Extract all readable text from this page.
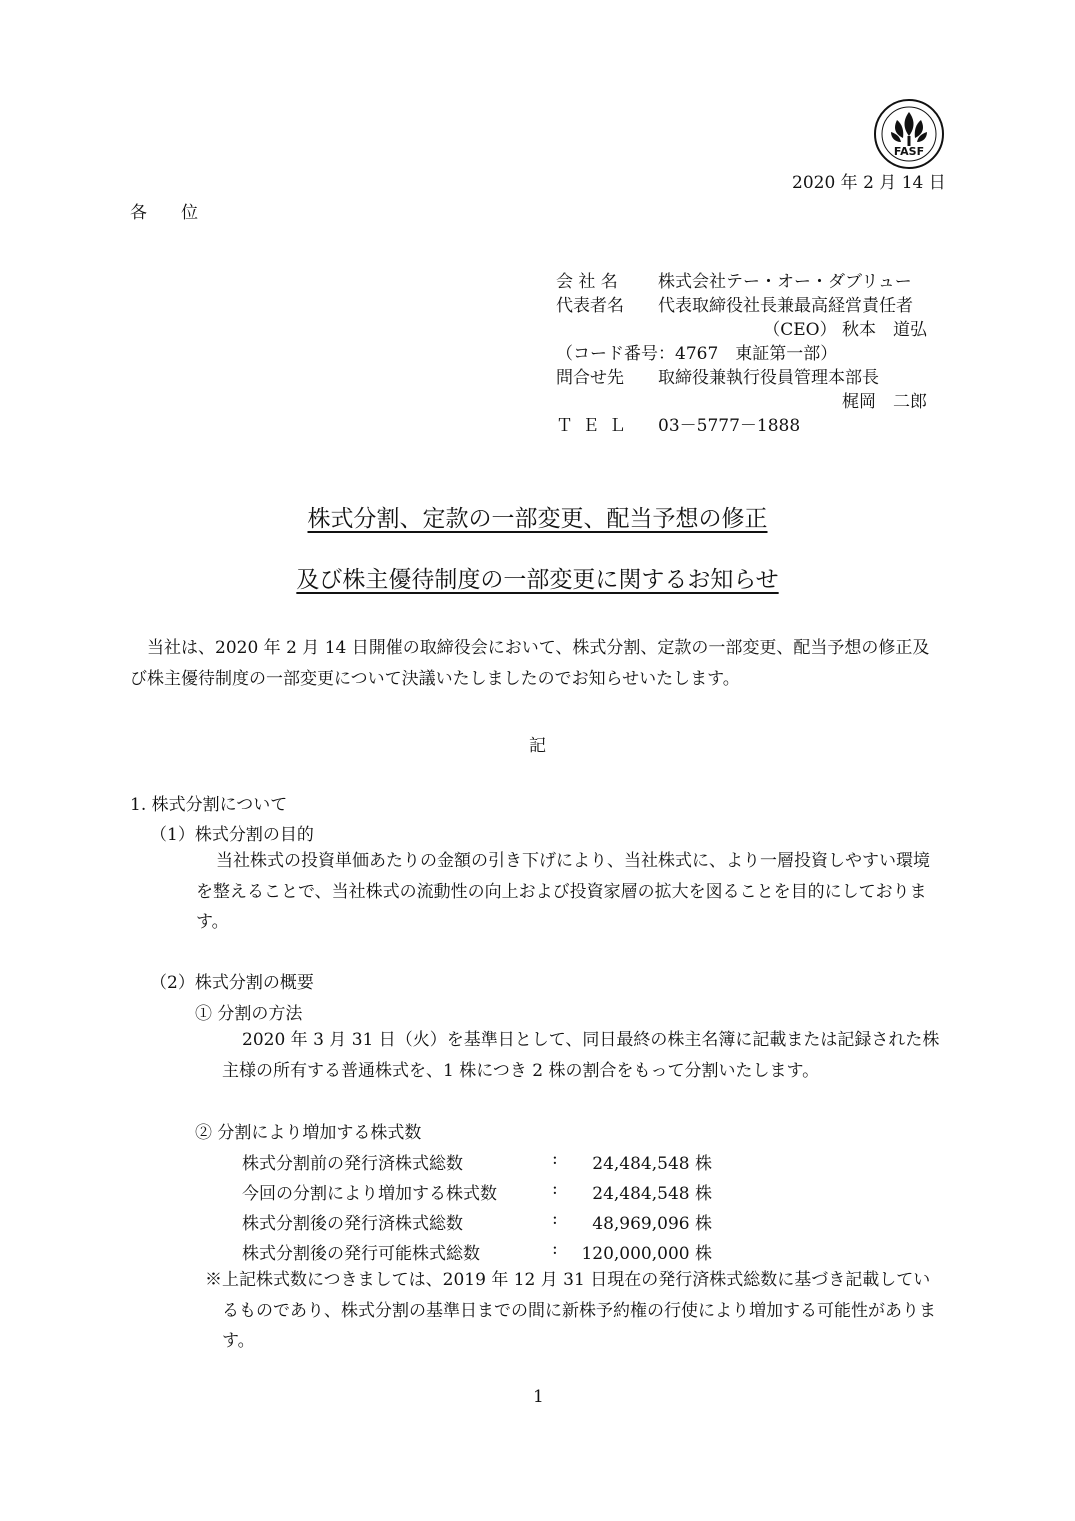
FASF
2020 年 2 月 14 日
各　　位
会 社 名 株式会社テー・オー・ダブリュー
代表者名 代表取締役社長兼最高経営責任者
（CEO） 秋本　道弘
（コード番号：4767　東証第一部）
問合せ先 取締役兼執行役員管理本部長
梶岡　二郎
Ｔ Ｅ Ｌ 03－5777－1888
株式分割、定款の一部変更、配当予想の修正
及び株主優待制度の一部変更に関するお知らせ
当社は、2020 年 2 月 14 日開催の取締役会において、株式分割、定款の一部変更、配当予想の修正及び株主優待制度の一部変更について決議いたしましたのでお知らせいたします。
記
1. 株式分割について
（1）株式分割の目的
当社株式の投資単価あたりの金額の引き下げにより、当社株式に、より一層投資しやすい環境を整えることで、当社株式の流動性の向上および投資家層の拡大を図ることを目的にしております。
（2）株式分割の概要
① 分割の方法
2020 年 3 月 31 日（火）を基準日として、同日最終の株主名簿に記載または記録された株主様の所有する普通株式を、1 株につき 2 株の割合をもって分割いたします。
② 分割により増加する株式数
株式分割前の発行済株式総数	: 24,484,548 株
今回の分割により増加する株式数	: 24,484,548 株
株式分割後の発行済株式総数	: 48,969,096 株
株式分割後の発行可能株式総数	: 120,000,000 株
※上記株式数につきましては、2019 年 12 月 31 日現在の発行済株式総数に基づき記載しているものであり、株式分割の基準日までの間に新株予約権の行使により増加する可能性があります。
1
